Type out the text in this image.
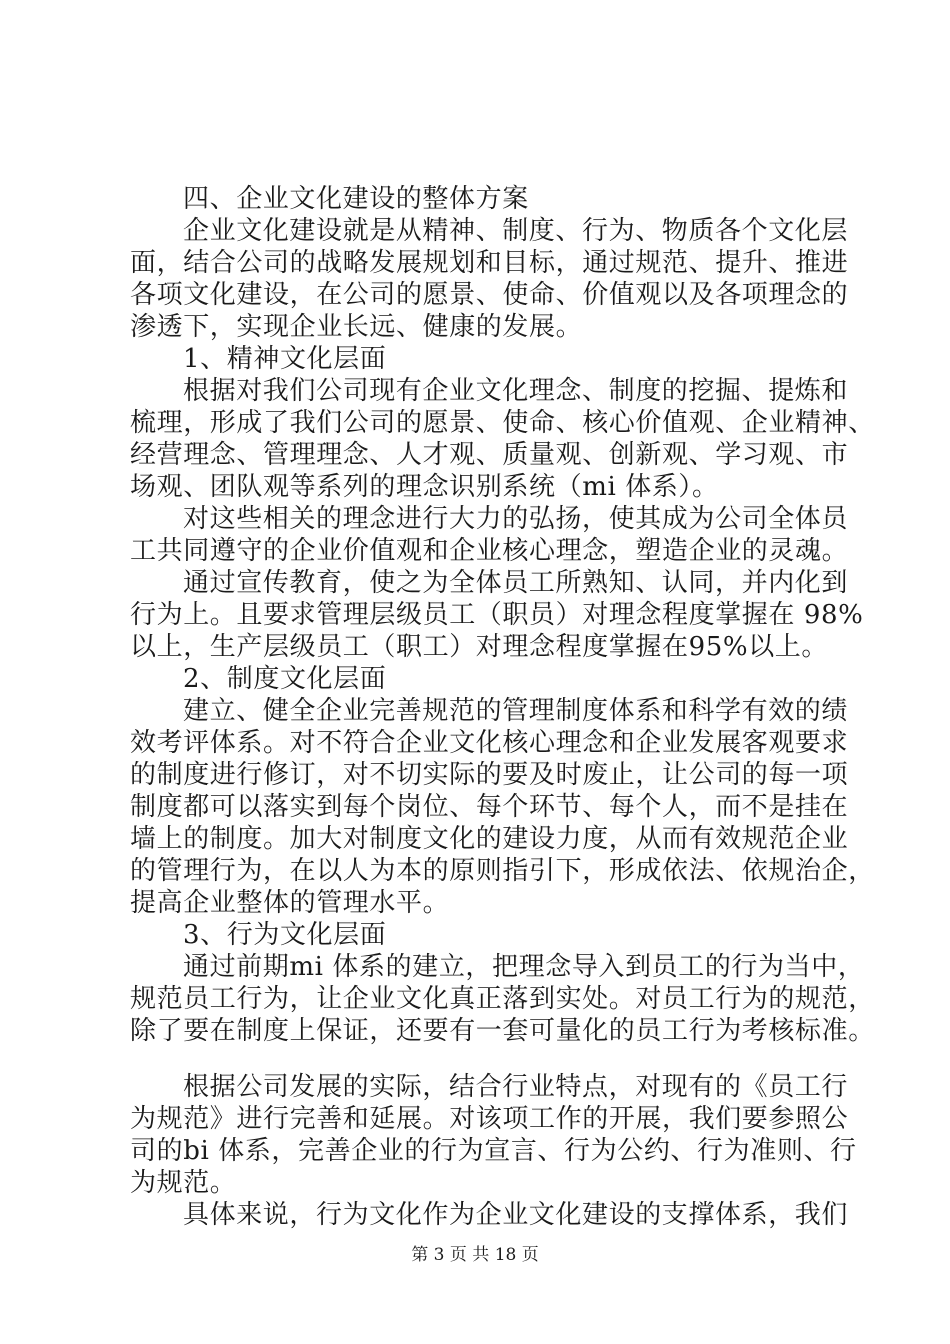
四、企业文化建设的整体方案
企业文化建设就是从精神、制度、行为、物质各个文化层
面，结合公司的战略发展规划和目标，通过规范、提升、推进
各项文化建设，在公司的愿景、使命、价值观以及各项理念的
渗透下，实现企业长远、健康的发展。
1、精神文化层面
根据对我们公司现有企业文化理念、制度的挖掘、提炼和
梳理，形成了我们公司的愿景、使命、核心价值观、企业精神、
经营理念、管理理念、人才观、质量观、创新观、学习观、市
场观、团队观等系列的理念识别系统（mi 体系）。
对这些相关的理念进行大力的弘扬，使其成为公司全体员
工共同遵守的企业价值观和企业核心理念，塑造企业的灵魂。
通过宣传教育，使之为全体员工所熟知、认同，并内化到
行为上。且要求管理层级员工（职员）对理念程度掌握在 98%
以上，生产层级员工（职工）对理念程度掌握在95%以上。
2、制度文化层面
建立、健全企业完善规范的管理制度体系和科学有效的绩
效考评体系。对不符合企业文化核心理念和企业发展客观要求
的制度进行修订，对不切实际的要及时废止，让公司的每一项
制度都可以落实到每个岗位、每个环节、每个人，而不是挂在
墙上的制度。加大对制度文化的建设力度，从而有效规范企业
的管理行为，在以人为本的原则指引下，形成依法、依规治企，
提高企业整体的管理水平。
3、行为文化层面
通过前期mi 体系的建立，把理念导入到员工的行为当中，
规范员工行为，让企业文化真正落到实处。对员工行为的规范，
除了要在制度上保证，还要有一套可量化的员工行为考核标准。
根据公司发展的实际，结合行业特点，对现有的《员工行
为规范》进行完善和延展。对该项工作的开展，我们要参照公
司的bi 体系，完善企业的行为宣言、行为公约、行为准则、行
为规范。
具体来说，行为文化作为企业文化建设的支撑体系，我们
第 3 页 共 18 页
